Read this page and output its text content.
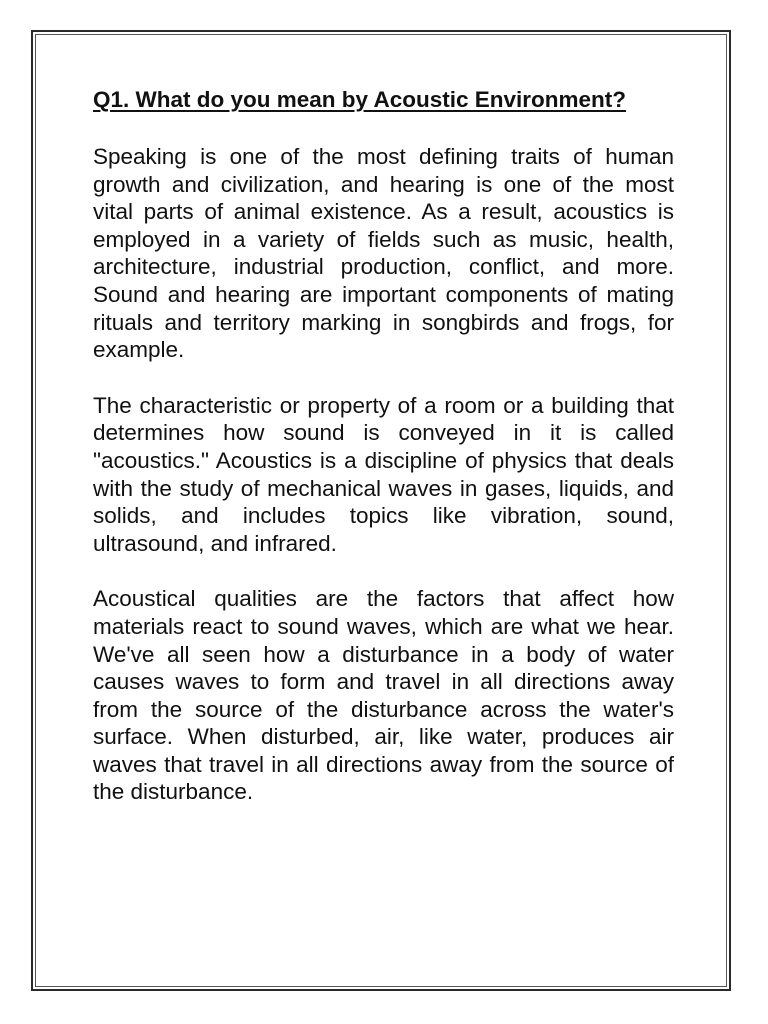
Q1. What do you mean by Acoustic Environment?

Speaking is one of the most defining traits of human growth and civilization, and hearing is one of the most vital parts of animal existence. As a result, acoustics is employed in a variety of fields such as music, health, architecture, industrial production, conflict, and more. Sound and hearing are important components of mating rituals and territory marking in songbirds and frogs, for example.

The characteristic or property of a room or a building that determines how sound is conveyed in it is called "acoustics." Acoustics is a discipline of physics that deals with the study of mechanical waves in gases, liquids, and solids, and includes topics like vibration, sound, ultrasound, and infrared.

Acoustical qualities are the factors that affect how materials react to sound waves, which are what we hear. We've all seen how a disturbance in a body of water causes waves to form and travel in all directions away from the source of the disturbance across the water's surface. When disturbed, air, like water, produces air waves that travel in all directions away from the source of the disturbance.
